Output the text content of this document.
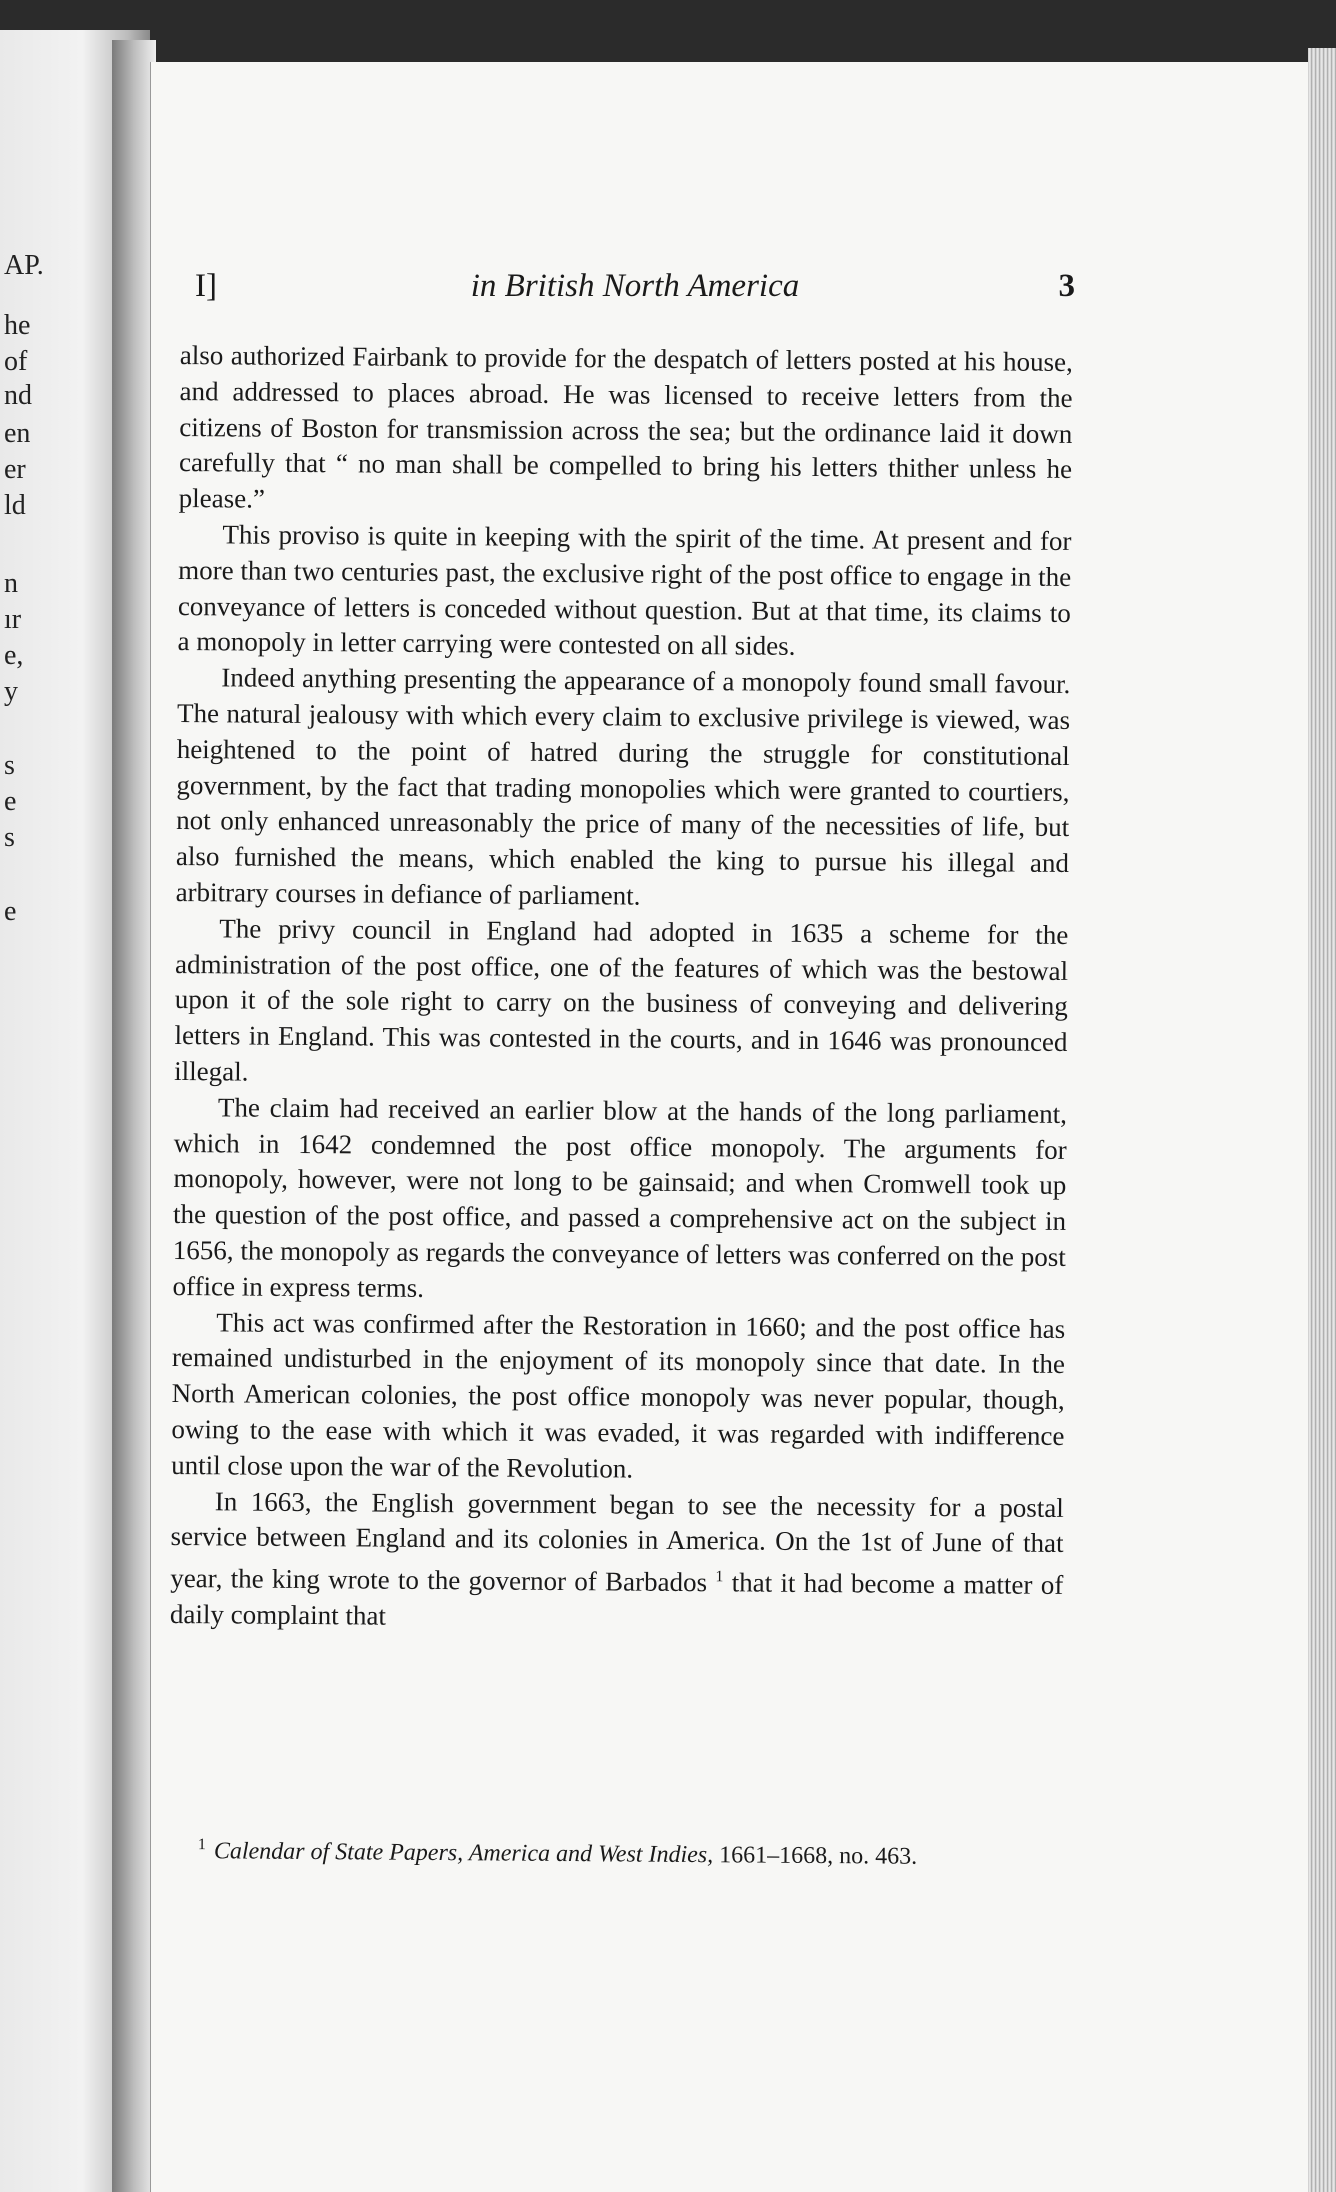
AP.
he
of
nd
en
er
ld
n
ır
e,
y
s
e
s
e
I]	in British North America	3

also authorized Fairbank to provide for the despatch of letters posted at his house, and addressed to places abroad. He was licensed to receive letters from the citizens of Boston for transmission across the sea; but the ordinance laid it down carefully that “ no man shall be compelled to bring his letters thither unless he please.”

This proviso is quite in keeping with the spirit of the time. At present and for more than two centuries past, the exclusive right of the post office to engage in the conveyance of letters is conceded without question. But at that time, its claims to a monopoly in letter carrying were contested on all sides.

Indeed anything presenting the appearance of a monopoly found small favour. The natural jealousy with which every claim to exclusive privilege is viewed, was heightened to the point of hatred during the struggle for constitutional government, by the fact that trading monopolies which were granted to courtiers, not only enhanced unreasonably the price of many of the necessities of life, but also furnished the means, which enabled the king to pursue his illegal and arbitrary courses in defiance of parliament.

The privy council in England had adopted in 1635 a scheme for the administration of the post office, one of the features of which was the bestowal upon it of the sole right to carry on the business of conveying and delivering letters in England. This was contested in the courts, and in 1646 was pronounced illegal.

The claim had received an earlier blow at the hands of the long parliament, which in 1642 condemned the post office monopoly. The arguments for monopoly, however, were not long to be gainsaid; and when Cromwell took up the question of the post office, and passed a comprehensive act on the subject in 1656, the monopoly as regards the conveyance of letters was conferred on the post office in express terms.

This act was confirmed after the Restoration in 1660; and the post office has remained undisturbed in the enjoyment of its monopoly since that date. In the North American colonies, the post office monopoly was never popular, though, owing to the ease with which it was evaded, it was regarded with indifference until close upon the war of the Revolution.

In 1663, the English government began to see the necessity for a postal service between England and its colonies in America. On the 1st of June of that year, the king wrote to the governor of Barbados $^1$ that it had become a matter of daily complaint that

$^1$ Calendar of State Papers, America and West Indies, 1661–1668, no. 463.
